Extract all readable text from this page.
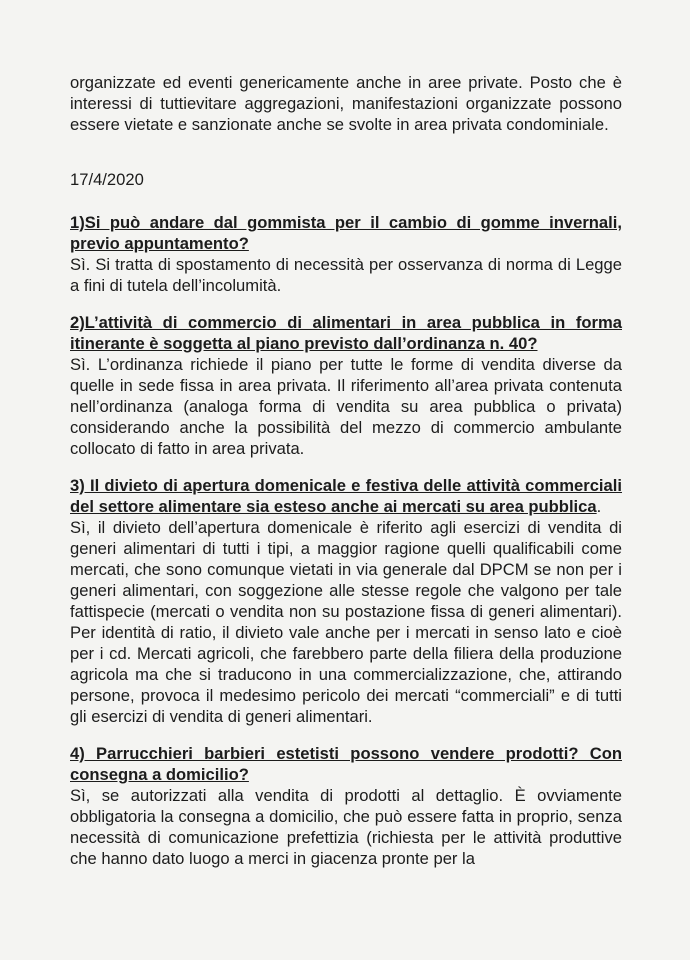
organizzate ed eventi genericamente anche in aree private. Posto che è interessi di tuttievitare aggregazioni, manifestazioni organizzate possono essere vietate e sanzionate anche se svolte in area privata condominiale.

17/4/2020

1)Si può andare dal gommista per il cambio di gomme invernali, previo appuntamento?

Sì. Si tratta di spostamento di necessità per osservanza di norma di Legge a fini di tutela dell’incolumità.

2)L’attività di commercio di alimentari in area pubblica in forma itinerante è soggetta al piano previsto dall’ordinanza n. 40?

Sì. L’ordinanza richiede il piano per tutte le forme di vendita diverse da quelle in sede fissa in area privata. Il riferimento all’area privata contenuta nell’ordinanza (analoga forma di vendita su area pubblica o privata) considerando anche la possibilità del mezzo di commercio ambulante collocato di fatto in area privata.

3) Il divieto di apertura domenicale e festiva delle attività commerciali del settore alimentare sia esteso anche ai mercati su area pubblica.

Sì, il divieto dell’apertura domenicale è riferito agli esercizi di vendita di generi alimentari di tutti i tipi, a maggior ragione quelli qualificabili come mercati, che sono comunque vietati in via generale dal DPCM se non per i generi alimentari, con soggezione alle stesse regole che valgono per tale fattispecie (mercati o vendita non su postazione fissa di generi alimentari). Per identità di ratio, il divieto vale anche per i mercati in senso lato e cioè per i cd. Mercati agricoli, che farebbero parte della filiera della produzione agricola ma che si traducono in una commercializzazione, che, attirando persone, provoca il medesimo pericolo dei mercati “commerciali” e di tutti gli esercizi di vendita di generi alimentari.

4) Parrucchieri barbieri estetisti possono vendere prodotti? Con consegna a domicilio?

Sì, se autorizzati alla vendita di prodotti al dettaglio. È ovviamente obbligatoria la consegna a domicilio, che può essere fatta in proprio, senza necessità di comunicazione prefettizia (richiesta per le attività produttive che hanno dato luogo a merci in giacenza pronte per la
